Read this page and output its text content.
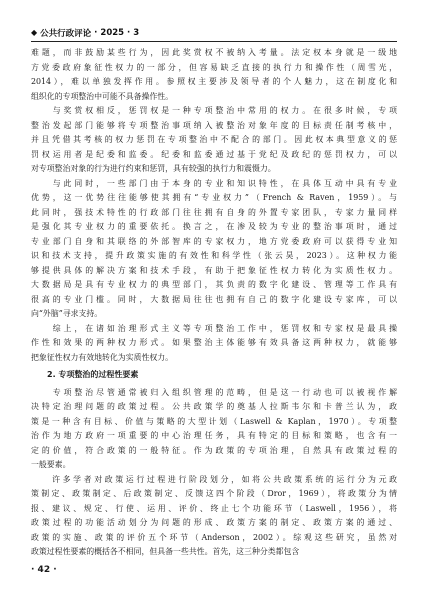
◆ 公共行政评论 · 2025 · 3
难题，而非鼓励某些行为，因此奖赏权不被纳入考量。法定权本身就是一级地
方党委政府象征性权力的一部分，但容易缺乏直接的执行力和操作性（周雪光，
2014），难以单独发挥作用。参照权主要涉及领导者的个人魅力，这在制度化和
组织化的专项整治中可能不具备操作性。
　　与奖赏权相反，惩罚权是一种专项整治中常用的权力。在很多时候，专项
整治发起部门能够将专项整治事项纳入被整治对象年度的目标责任制考核中，
并且凭借其考核的权力惩罚在专项整治中不配合的部门。因此权本典型意义的惩
罚权运用者是纪委和监委。纪委和监委通过基于党纪及政纪的惩罚权力，可以
对专项整治对象的行为进行约束和惩罚，具有较强的执行力和震慑力。
　　与此同时，一些部门由于本身的专业和知识特性，在具体互动中具有专业
优势，这一优势往往能够使其拥有“专业权力”（French & Raven，1959）。与
此同时，强技术特性的行政部门往往拥有自身的外置专家团队，专家力量同样
是强化其专业权力的重要依托。换言之，在渗及较为专业的整治事项时，通过
专业部门自身和其联络的外部智库的专家权力，地方党委政府可以获得专业知
识和技术支持，提升政策实施的有效性和科学性（张云昊，2023）。这种权力能
够提供具体的解决方案和技术手段，有助于把象征性权力转化为实质性权力。
大数据局是具有专业权力的典型部门，其负责的数字化建设、管理等工作具有
很高的专业门槛。同时，大数据局往往也拥有自己的数字化建设专家库，可以
向“外脑”寻求支持。
　　综上，在诸如治理形式主义等专项整治工作中，惩罚权和专家权是最具操
作性和效果的两种权力形式。如果整治主体能够有效具备这两种权力，就能够
把象征性权力有效地转化为实质性权力。
2. 专项整治的过程性要素
　　专项整治尽管通常被归入组织管理的范畴，但是这一行动也可以被视作解
决特定治理问题的政策过程。公共政策学的奠基人拉斯韦尔和卡普兰认为，政
策是一种含有目标、价值与策略的大型计划（Laswell & Kaplan，1970）。专项整
治作为地方政府一项重要的中心治理任务，具有特定的目标和策略，也含有一
定的价值，符合政策的一般特征。作为政策的专项治理，自然具有政策过程的
一般要素。
　　许多学者对政策运行过程进行阶段划分，如将公共政策系统的运行分为元政
策制定、政策制定、后政策制定、反馈这四个阶段（Dror，1969），将政策分为情
报、建议、规定、行使、运用、评价、终止七个功能环节（Laswell，1956），将
政策过程的功能活动划分为问题的形成、政策方案的制定、政策方案的通过、
政策的实施、政策的评价五个环节（Anderson，2002）。综观这些研究，虽然对
政策过程性要素的概括各不相同，但具备一些共性。首先，这三种分类都包含
· 42 ·
